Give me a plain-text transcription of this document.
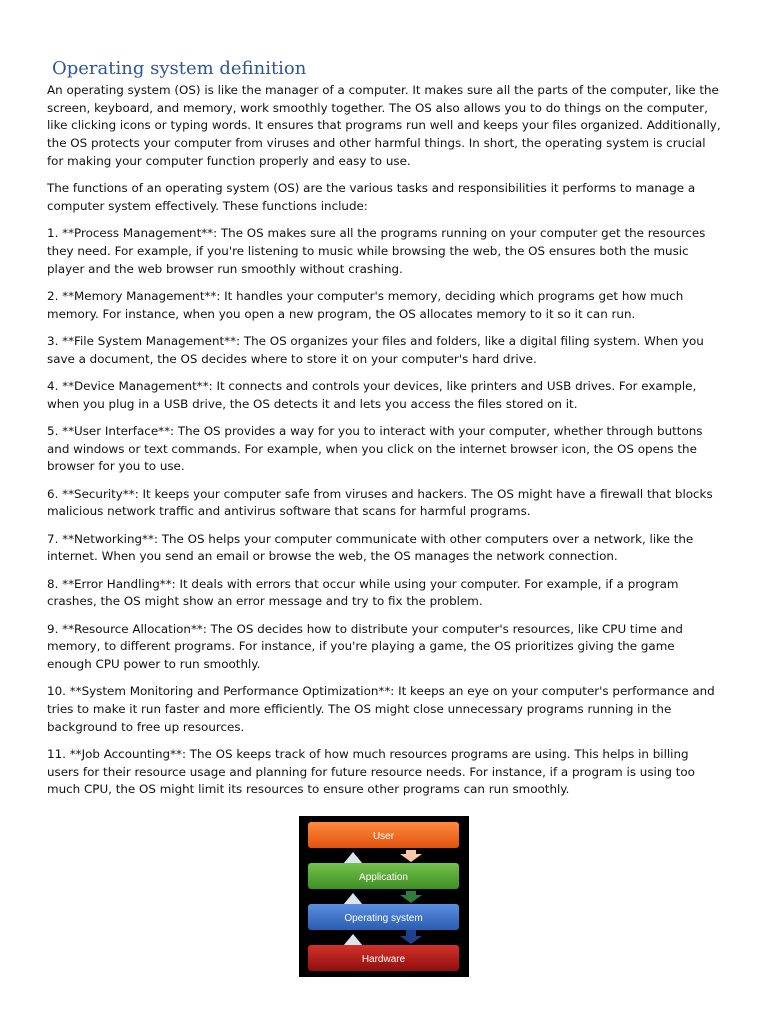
Operating system definition

An operating system (OS) is like the manager of a computer. It makes sure all the parts of the computer, like the screen, keyboard, and memory, work smoothly together. The OS also allows you to do things on the computer, like clicking icons or typing words. It ensures that programs run well and keeps your files organized. Additionally, the OS protects your computer from viruses and other harmful things. In short, the operating system is crucial for making your computer function properly and easy to use.

The functions of an operating system (OS) are the various tasks and responsibilities it performs to manage a computer system effectively. These functions include:

1. **Process Management**: The OS makes sure all the programs running on your computer get the resources they need. For example, if you're listening to music while browsing the web, the OS ensures both the music player and the web browser run smoothly without crashing.

2. **Memory Management**: It handles your computer's memory, deciding which programs get how much memory. For instance, when you open a new program, the OS allocates memory to it so it can run.

3. **File System Management**: The OS organizes your files and folders, like a digital filing system. When you save a document, the OS decides where to store it on your computer's hard drive.

4. **Device Management**: It connects and controls your devices, like printers and USB drives. For example, when you plug in a USB drive, the OS detects it and lets you access the files stored on it.

5. **User Interface**: The OS provides a way for you to interact with your computer, whether through buttons and windows or text commands. For example, when you click on the internet browser icon, the OS opens the browser for you to use.

6. **Security**: It keeps your computer safe from viruses and hackers. The OS might have a firewall that blocks malicious network traffic and antivirus software that scans for harmful programs.

7. **Networking**: The OS helps your computer communicate with other computers over a network, like the internet. When you send an email or browse the web, the OS manages the network connection.

8. **Error Handling**: It deals with errors that occur while using your computer. For example, if a program crashes, the OS might show an error message and try to fix the problem.

9. **Resource Allocation**: The OS decides how to distribute your computer's resources, like CPU time and memory, to different programs. For instance, if you're playing a game, the OS prioritizes giving the game enough CPU power to run smoothly.

10. **System Monitoring and Performance Optimization**: It keeps an eye on your computer's performance and tries to make it run faster and more efficiently. The OS might close unnecessary programs running in the background to free up resources.

11. **Job Accounting**: The OS keeps track of how much resources programs are using. This helps in billing users for their resource usage and planning for future resource needs. For instance, if a program is using too much CPU, the OS might limit its resources to ensure other programs can run smoothly.

User
Application
Operating system
Hardware
